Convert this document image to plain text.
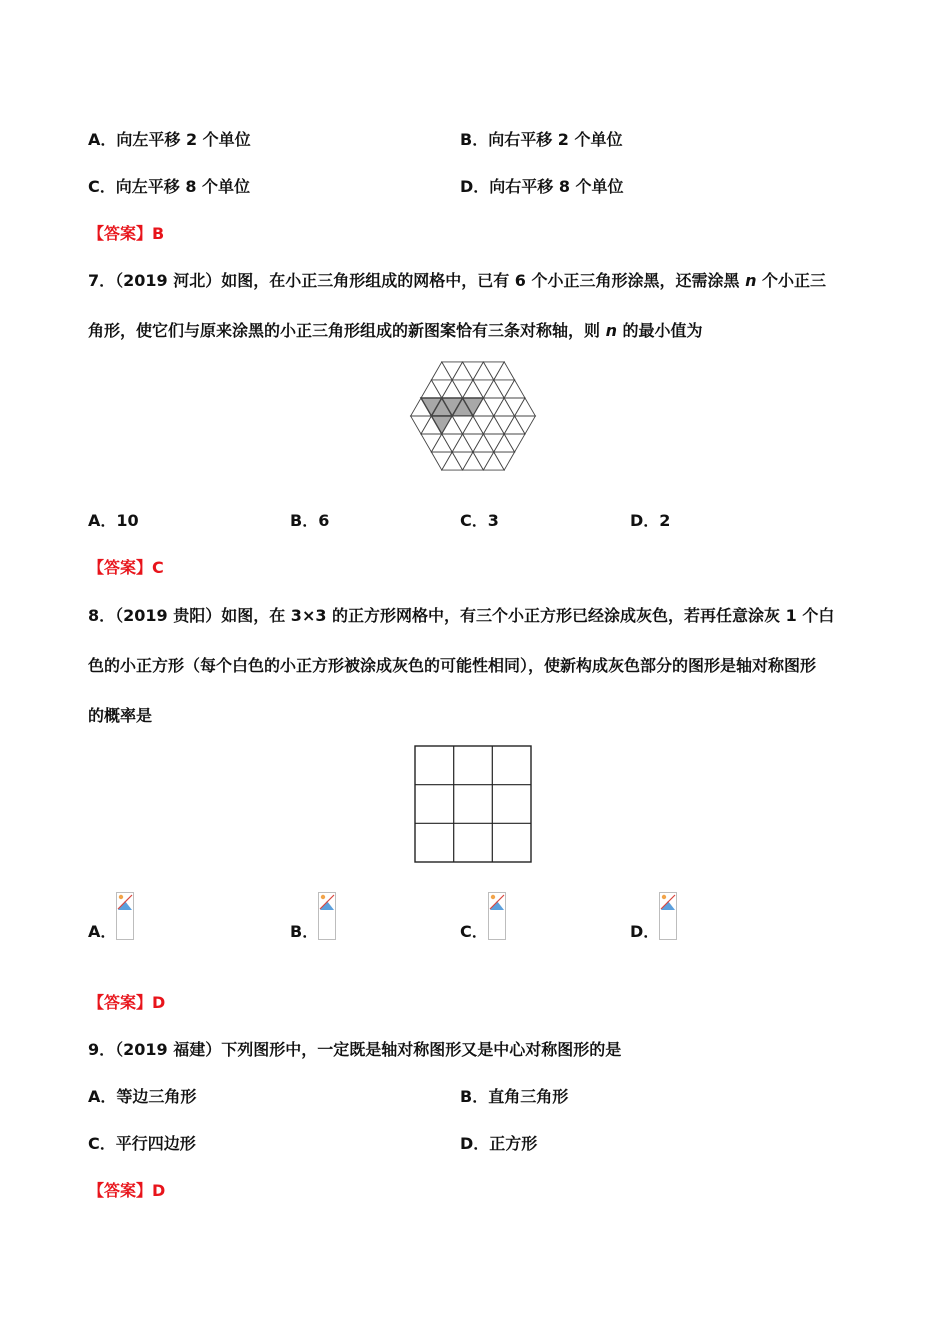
A．向左平移 2 个单位	B．向右平移 2 个单位
C．向左平移 8 个单位	D．向右平移 8 个单位
【答案】B
7．（2019 河北）如图，在小正三角形组成的网格中，已有 6 个小正三角形涂黑，还需涂黑 n 个小正三
角形，使它们与原来涂黑的小正三角形组成的新图案恰有三条对称轴，则 n 的最小值为
A．10	B．6	C．3	D．2
【答案】C
8．（2019 贵阳）如图，在 3×3 的正方形网格中，有三个小正方形已经涂成灰色，若再任意涂灰 1 个白
色的小正方形（每个白色的小正方形被涂成灰色的可能性相同），使新构成灰色部分的图形是轴对称图形
的概率是
A．	B．	C．	D．
【答案】D
9．（2019 福建）下列图形中，一定既是轴对称图形又是中心对称图形的是
A．等边三角形	B．直角三角形
C．平行四边形	D．正方形
【答案】D
